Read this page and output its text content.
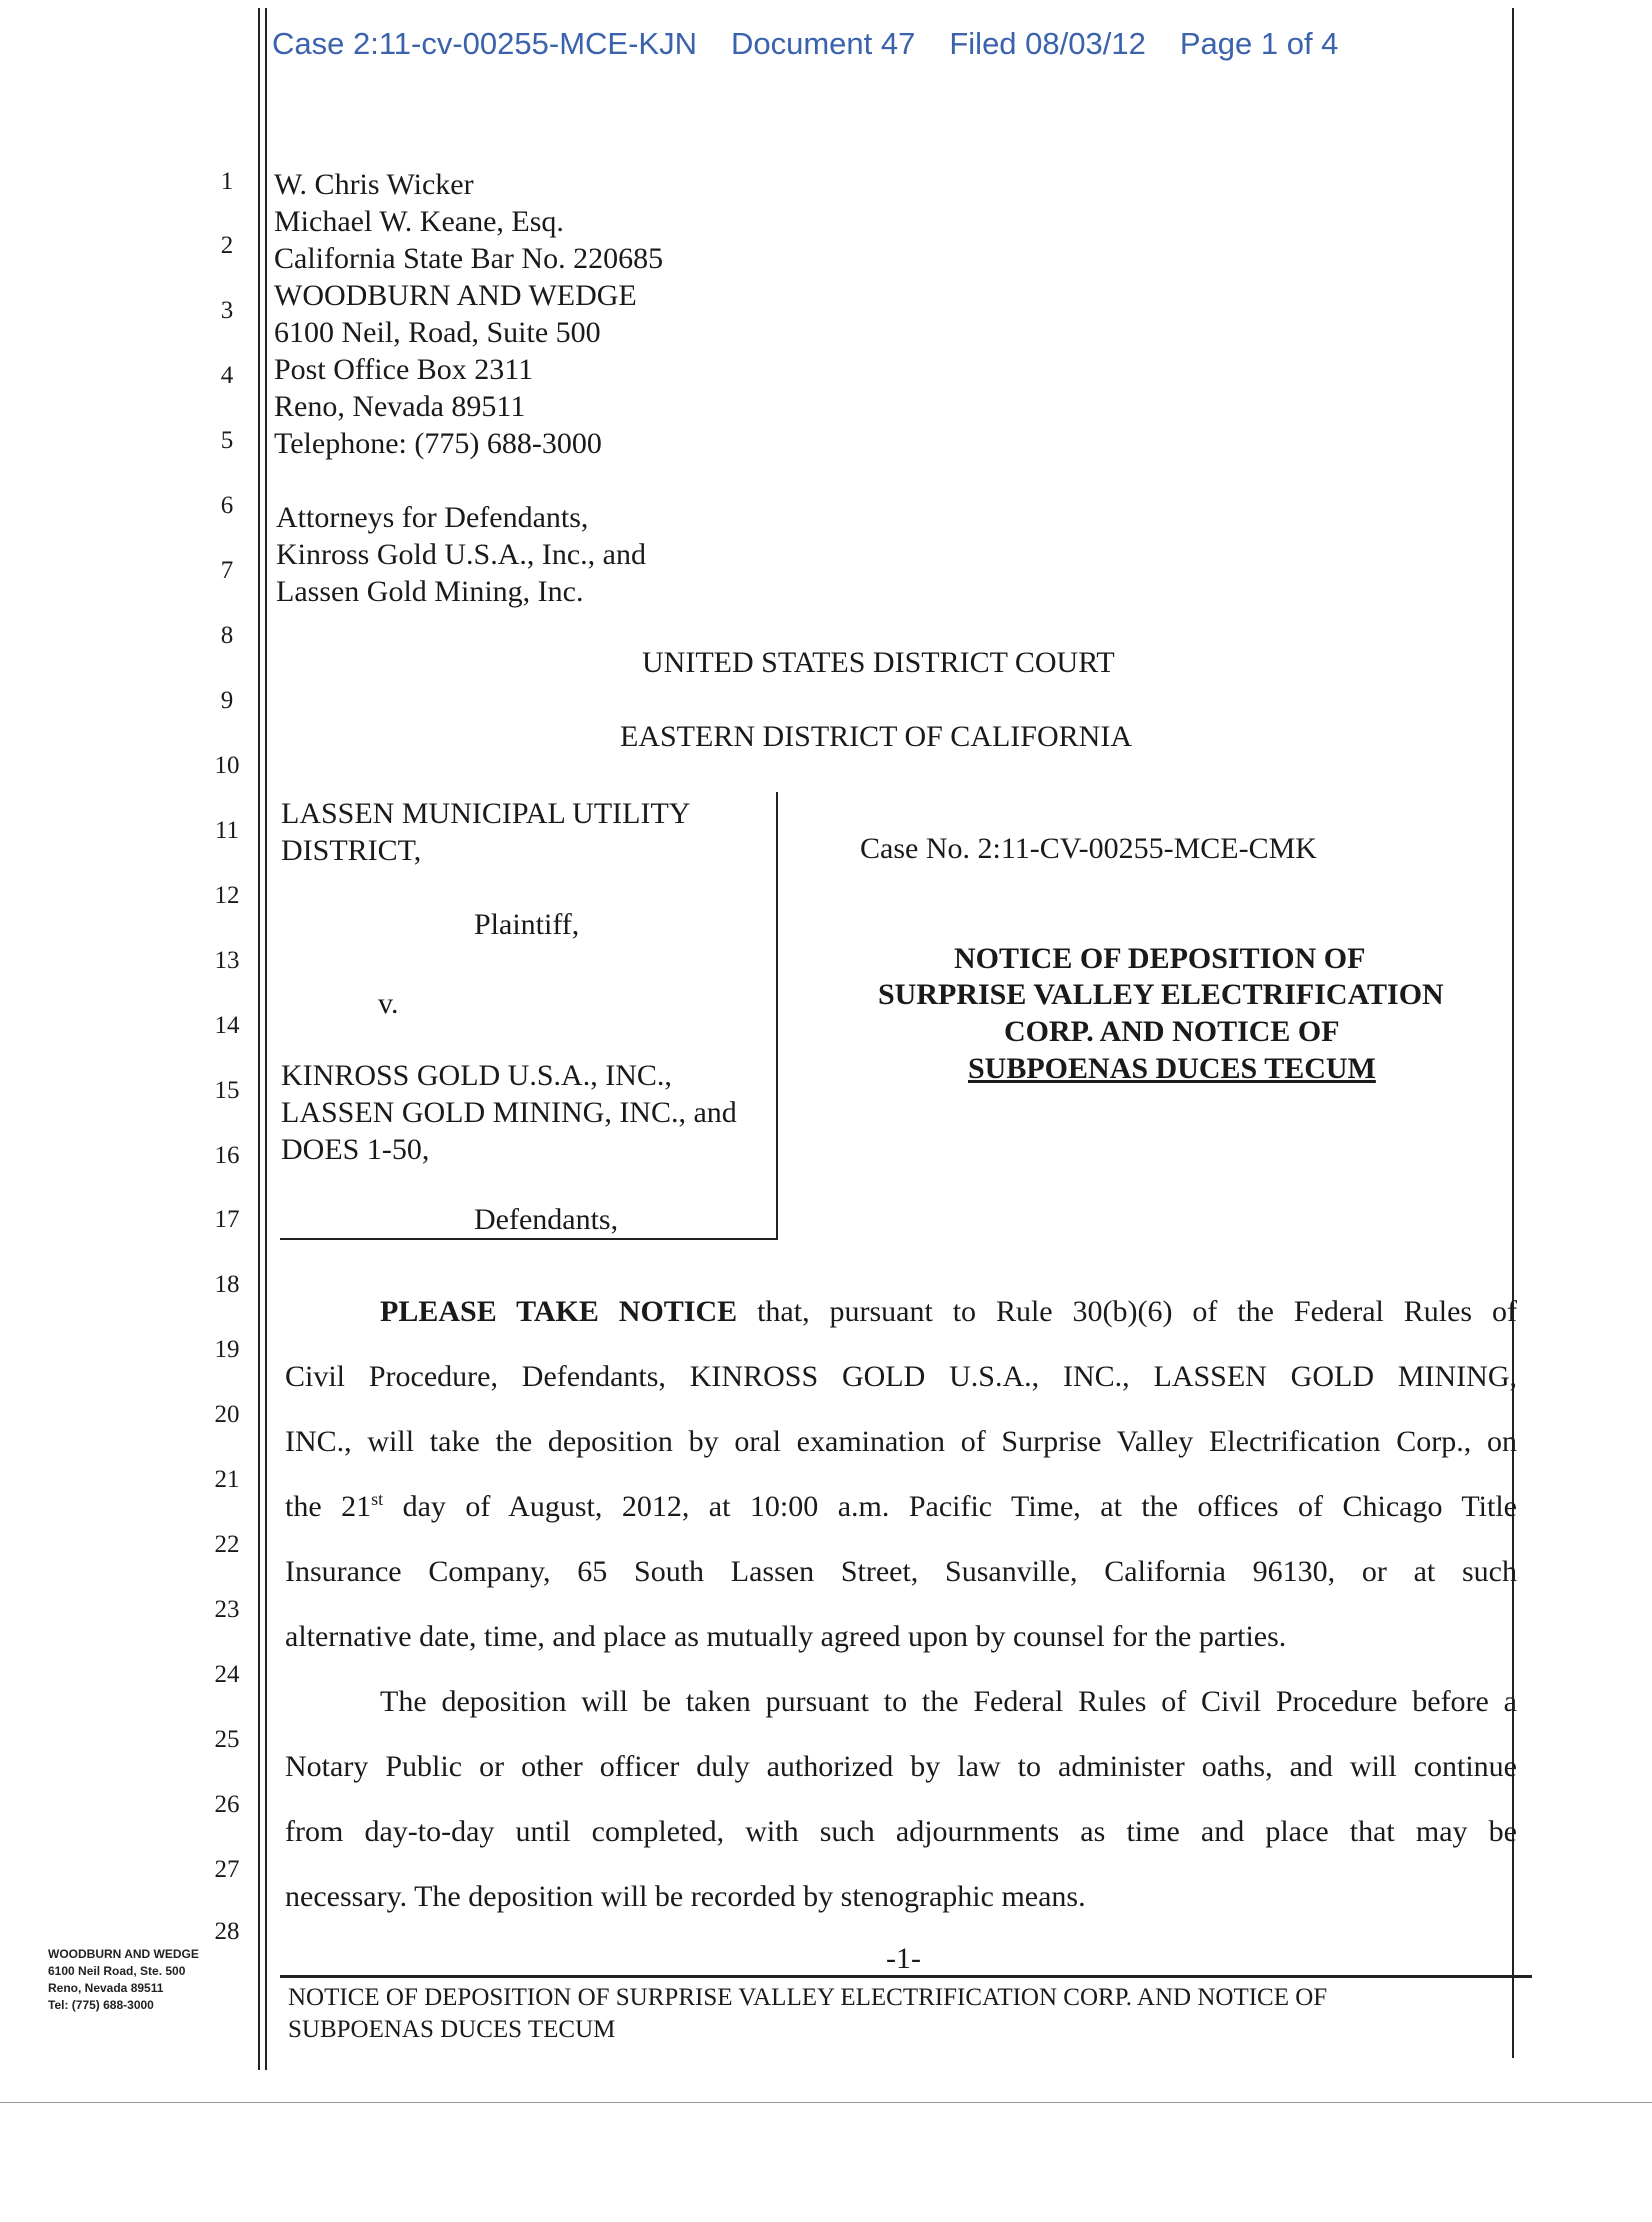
Case 2:11-cv-00255-MCE-KJN Document 47 Filed 08/03/12 Page 1 of 4
1
2
3
4
5
6
7
8
9
10
11
12
13
14
15
16
17
18
19
20
21
22
23
24
25
26
27
28
W. Chris Wicker
Michael W. Keane, Esq.
California State Bar No. 220685
WOODBURN AND WEDGE
6100 Neil, Road, Suite 500
Post Office Box 2311
Reno, Nevada 89511
Telephone: (775) 688-3000
Attorneys for Defendants,
Kinross Gold U.S.A., Inc., and
Lassen Gold Mining, Inc.
UNITED STATES DISTRICT COURT
EASTERN DISTRICT OF CALIFORNIA
LASSEN MUNICIPAL UTILITY
DISTRICT,
Plaintiff,
v.
KINROSS GOLD U.S.A., INC.,
LASSEN GOLD MINING, INC., and
DOES 1-50,
Defendants,
Case No. 2:11-CV-00255-MCE-CMK
NOTICE OF DEPOSITION OF
SURPRISE VALLEY ELECTRIFICATION
CORP. AND NOTICE OF
SUBPOENAS DUCES TECUM
PLEASE TAKE NOTICE that, pursuant to Rule 30(b)(6) of the Federal Rules of
Civil Procedure, Defendants, KINROSS GOLD U.S.A., INC., LASSEN GOLD MINING,
INC., will take the deposition by oral examination of Surprise Valley Electrification Corp., on
the 21st day of August, 2012, at 10:00 a.m. Pacific Time, at the offices of Chicago Title
Insurance Company, 65 South Lassen Street, Susanville, California 96130, or at such
alternative date, time, and place as mutually agreed upon by counsel for the parties.
The deposition will be taken pursuant to the Federal Rules of Civil Procedure before a
Notary Public or other officer duly authorized by law to administer oaths, and will continue
from day-to-day until completed, with such adjournments as time and place that may be
necessary. The deposition will be recorded by stenographic means.
-1-
NOTICE OF DEPOSITION OF SURPRISE VALLEY ELECTRIFICATION CORP. AND NOTICE OF
SUBPOENAS DUCES TECUM
WOODBURN AND WEDGE
6100 Neil Road, Ste. 500
Reno, Nevada 89511
Tel: (775) 688-3000
